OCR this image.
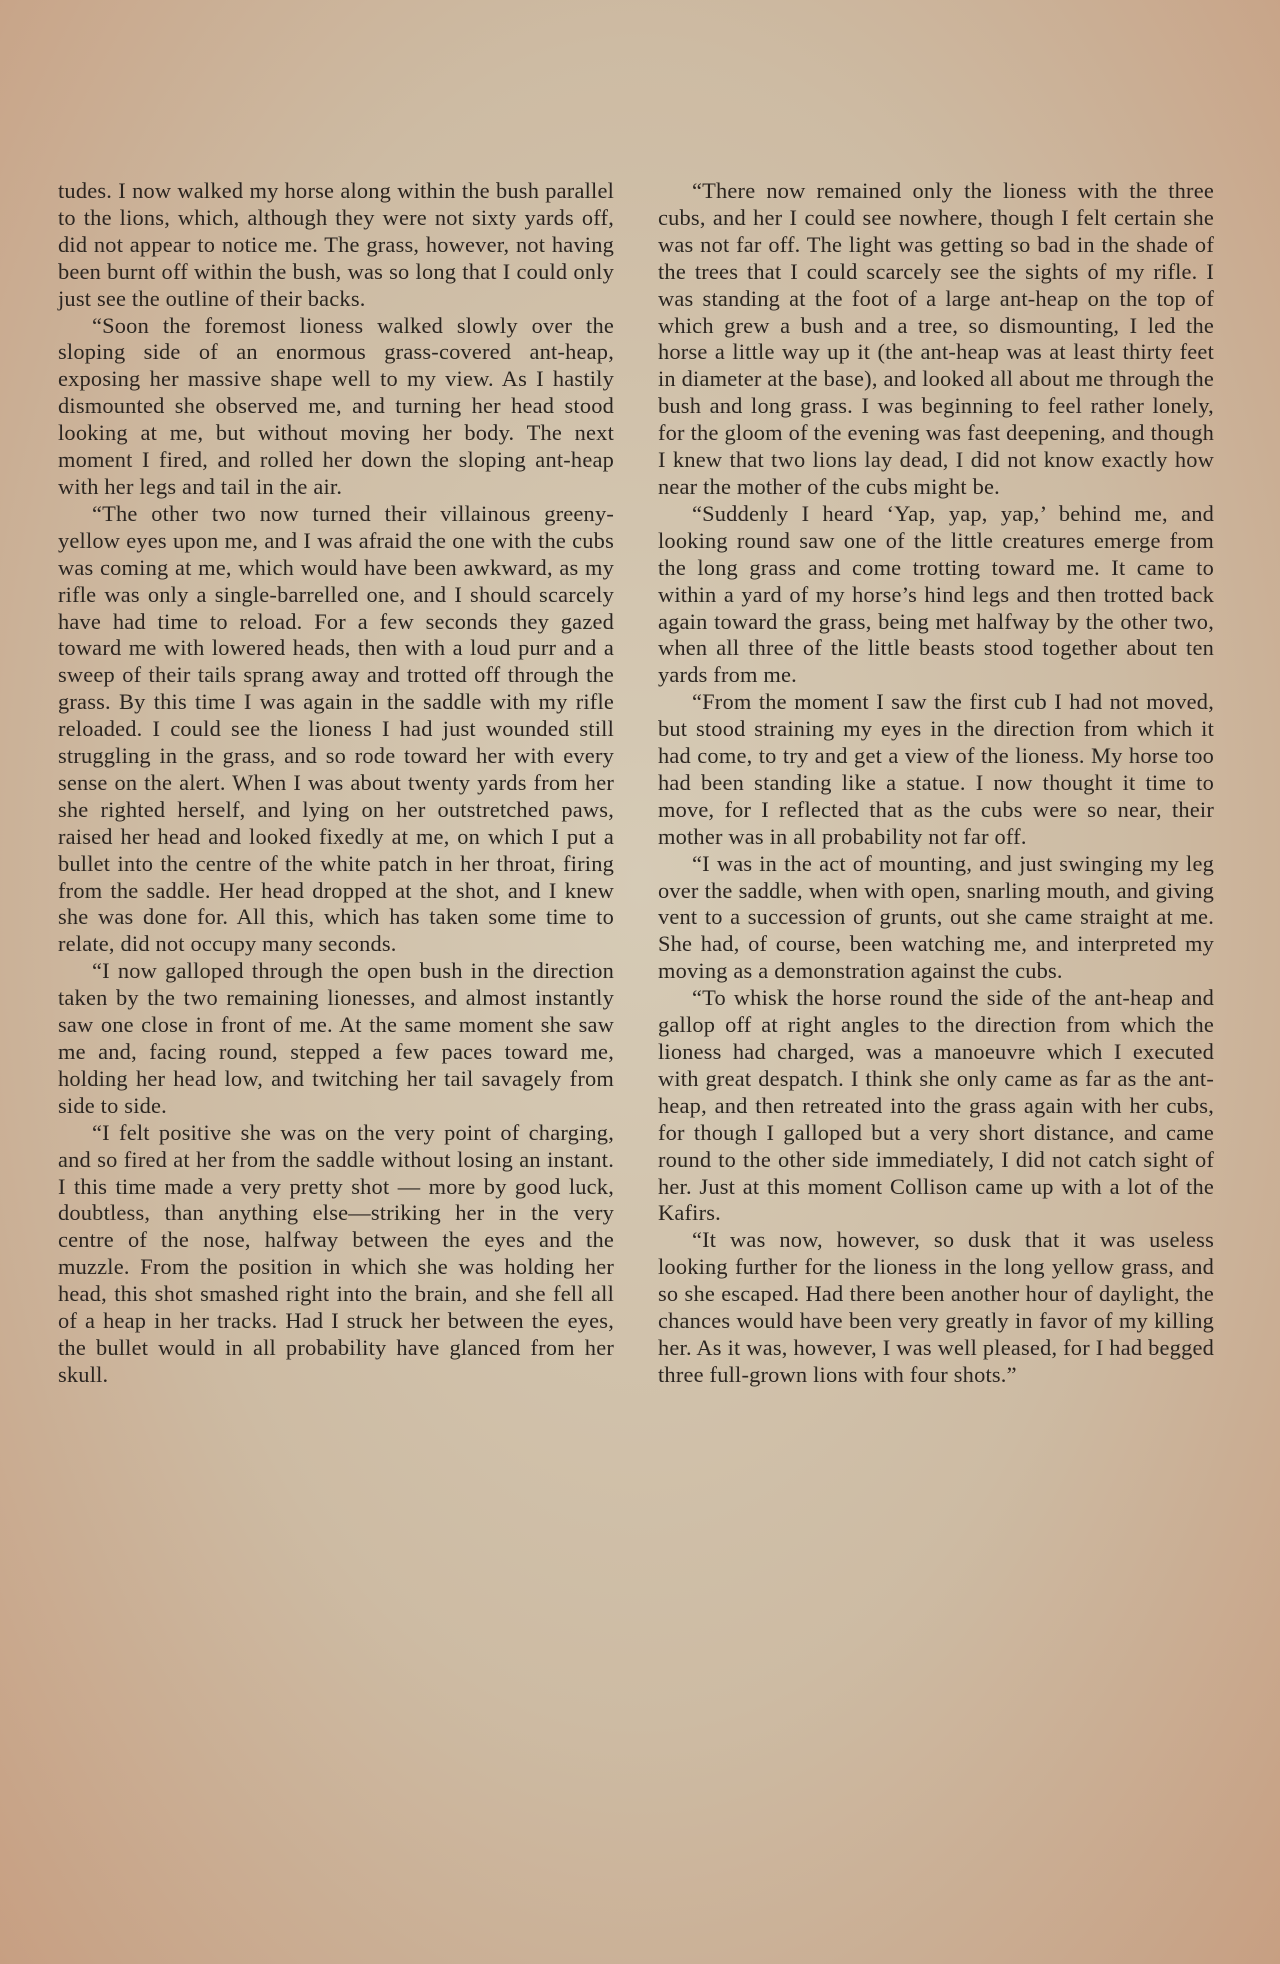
tudes. I now walked my horse along within the bush parallel to the lions, which, although they were not sixty yards off, did not appear to notice me. The grass, however, not having been burnt off within the bush, was so long that I could only just see the outline of their backs.

“Soon the foremost lioness walked slowly over the sloping side of an enormous grass-covered ant-heap, exposing her massive shape well to my view. As I hastily dismounted she observed me, and turning her head stood looking at me, but without moving her body. The next moment I fired, and rolled her down the sloping ant-heap with her legs and tail in the air.

“The other two now turned their villainous greeny-yellow eyes upon me, and I was afraid the one with the cubs was coming at me, which would have been awkward, as my rifle was only a single-barrelled one, and I should scarcely have had time to reload. For a few seconds they gazed toward me with lowered heads, then with a loud purr and a sweep of their tails sprang away and trotted off through the grass. By this time I was again in the saddle with my rifle reloaded. I could see the lioness I had just wounded still struggling in the grass, and so rode toward her with every sense on the alert. When I was about twenty yards from her she righted herself, and lying on her outstretched paws, raised her head and looked fixedly at me, on which I put a bullet into the centre of the white patch in her throat, firing from the saddle. Her head dropped at the shot, and I knew she was done for. All this, which has taken some time to relate, did not occupy many seconds.

“I now galloped through the open bush in the direction taken by the two remaining lionesses, and almost instantly saw one close in front of me. At the same moment she saw me and, facing round, stepped a few paces toward me, holding her head low, and twitching her tail savagely from side to side.

“I felt positive she was on the very point of charging, and so fired at her from the saddle without losing an instant. I this time made a very pretty shot — more by good luck, doubtless, than anything else—striking her in the very centre of the nose, halfway between the eyes and the muzzle. From the position in which she was holding her head, this shot smashed right into the brain, and she fell all of a heap in her tracks. Had I struck her between the eyes, the bullet would in all probability have glanced from her skull.

“There now remained only the lioness with the three cubs, and her I could see nowhere, though I felt certain she was not far off. The light was getting so bad in the shade of the trees that I could scarcely see the sights of my rifle. I was standing at the foot of a large ant-heap on the top of which grew a bush and a tree, so dismounting, I led the horse a little way up it (the ant-heap was at least thirty feet in diameter at the base), and looked all about me through the bush and long grass. I was beginning to feel rather lonely, for the gloom of the evening was fast deepening, and though I knew that two lions lay dead, I did not know exactly how near the mother of the cubs might be.

“Suddenly I heard ‘Yap, yap, yap,’ behind me, and looking round saw one of the little creatures emerge from the long grass and come trotting toward me. It came to within a yard of my horse’s hind legs and then trotted back again toward the grass, being met halfway by the other two, when all three of the little beasts stood together about ten yards from me.

“From the moment I saw the first cub I had not moved, but stood straining my eyes in the direction from which it had come, to try and get a view of the lioness. My horse too had been standing like a statue. I now thought it time to move, for I reflected that as the cubs were so near, their mother was in all probability not far off.

“I was in the act of mounting, and just swinging my leg over the saddle, when with open, snarling mouth, and giving vent to a succession of grunts, out she came straight at me. She had, of course, been watching me, and interpreted my moving as a demonstration against the cubs.

“To whisk the horse round the side of the ant-heap and gallop off at right angles to the direction from which the lioness had charged, was a manoeuvre which I executed with great despatch. I think she only came as far as the ant-heap, and then retreated into the grass again with her cubs, for though I galloped but a very short distance, and came round to the other side immediately, I did not catch sight of her. Just at this moment Collison came up with a lot of the Kafirs.

“It was now, however, so dusk that it was useless looking further for the lioness in the long yellow grass, and so she escaped. Had there been another hour of daylight, the chances would have been very greatly in favor of my killing her. As it was, however, I was well pleased, for I had begged three full-grown lions with four shots.”
